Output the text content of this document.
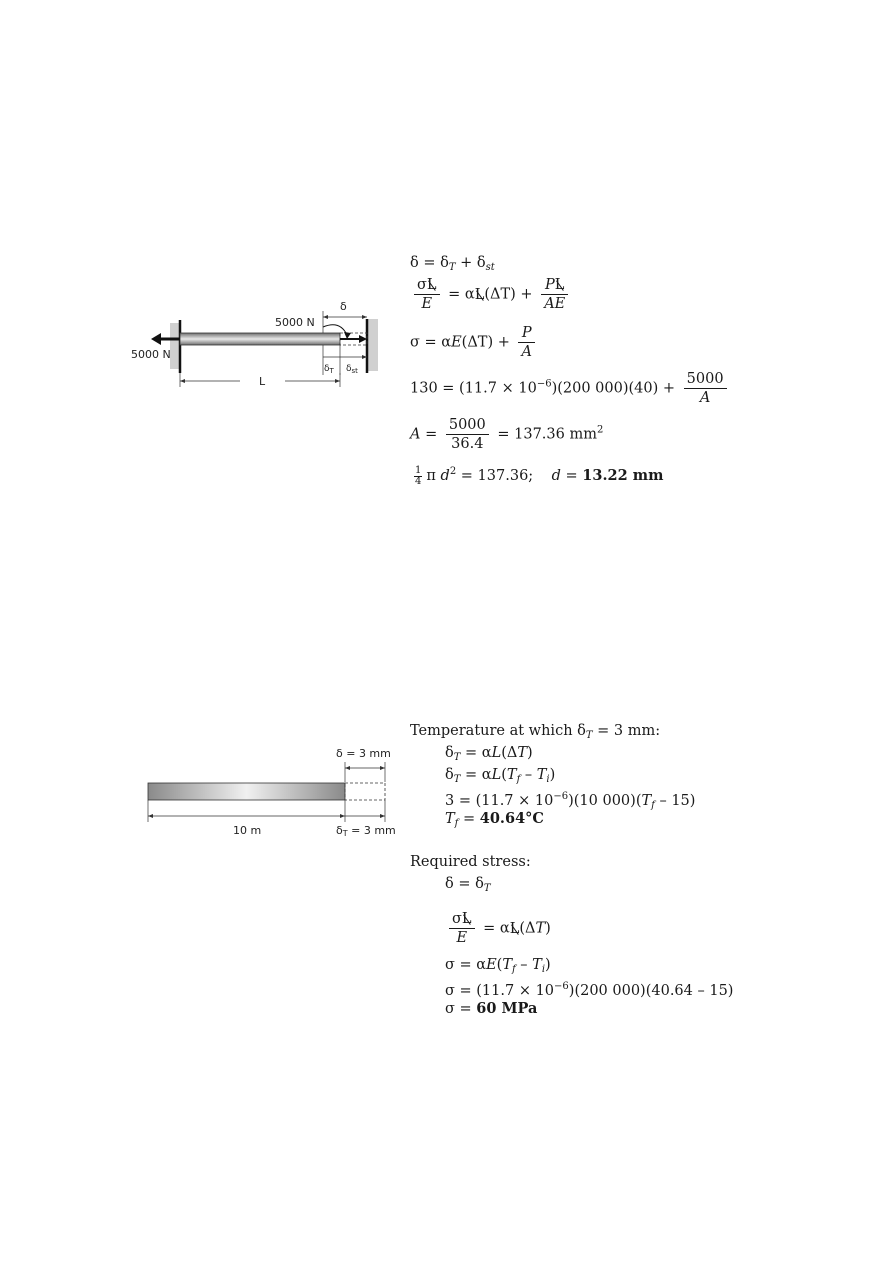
δ
5000 N
5000 N
$\delta_T$ $\delta_{st}$
L
$\delta = \delta_T + \delta_{st}$
$\frac{\sigma L}{E} = \alpha L(\Delta T) + \frac{PL}{AE}$
$\sigma = \alpha E(\Delta T) + \frac{P}{A}$
$130 = (11.7 \times 10^{-6})(200$ $000)(40) + \frac{5000}{A}$
$A = \frac{5000}{36.4} = 137.36$ $mm^2$
$\frac{1}{4}$ π $d^2 = 137.36$; d = 13.22 mm
δ = 3 mm
10 m	δT = 3 mm
Temperature at which $\delta_T = 3$ mm:
$\delta_T = \alpha L(\Delta T)$
$\delta_T = \alpha L(T_f - T_i)$
$3 = (11.7 \times 10^{-6})(10$ $000)(T_f - 15)$
$T_f = 40.64^\circ C$
Required stress:
$\delta = \delta_T$
$\frac{\sigma L}{E} = \alpha L(\Delta T)$
$\sigma = \alpha E(T_f - T_i)$
$\sigma = (11.7 \times 10^{-6})(200$ 000)(40.64 – 15)
σ = 60 MPa
